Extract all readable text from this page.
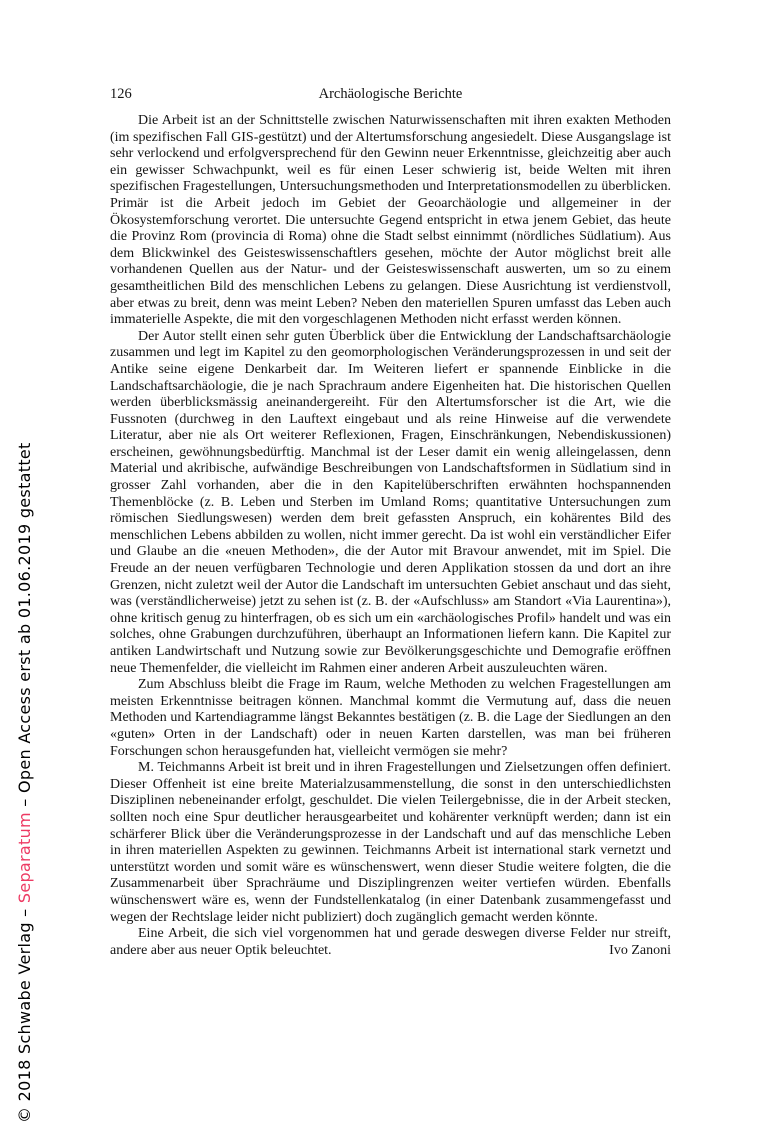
© 2018 Schwabe Verlag – Separatum – Open Access erst ab 01.06.2019 gestattet
126	Archäologische Berichte

Die Arbeit ist an der Schnittstelle zwischen Naturwissenschaften mit ihren exakten Methoden (im spezifischen Fall GIS-gestützt) und der Altertumsforschung angesiedelt. Diese Ausgangslage ist sehr verlockend und erfolgversprechend für den Gewinn neuer Erkenntnisse, gleichzeitig aber auch ein gewisser Schwachpunkt, weil es für einen Leser schwierig ist, beide Welten mit ihren spezifischen Fragestellungen, Untersuchungsmethoden und Interpretationsmodellen zu überblicken. Primär ist die Arbeit jedoch im Gebiet der Geoarchäologie und allgemeiner in der Ökosystemforschung verortet. Die untersuchte Gegend entspricht in etwa jenem Gebiet, das heute die Provinz Rom (provincia di Roma) ohne die Stadt selbst einnimmt (nördliches Südlatium). Aus dem Blickwinkel des Geisteswissenschaftlers gesehen, möchte der Autor möglichst breit alle vorhandenen Quellen aus der Natur- und der Geisteswissenschaft auswerten, um so zu einem gesamtheitlichen Bild des menschlichen Lebens zu gelangen. Diese Ausrichtung ist verdienstvoll, aber etwas zu breit, denn was meint Leben? Neben den materiellen Spuren umfasst das Leben auch immaterielle Aspekte, die mit den vorgeschlagenen Methoden nicht erfasst werden können.

Der Autor stellt einen sehr guten Überblick über die Entwicklung der Landschaftsarchäologie zusammen und legt im Kapitel zu den geomorphologischen Veränderungsprozessen in und seit der Antike seine eigene Denkarbeit dar. Im Weiteren liefert er spannende Einblicke in die Landschaftsarchäologie, die je nach Sprachraum andere Eigenheiten hat. Die historischen Quellen werden überblicksmässig aneinandergereiht. Für den Altertumsforscher ist die Art, wie die Fussnoten (durchweg in den Lauftext eingebaut und als reine Hinweise auf die verwendete Literatur, aber nie als Ort weiterer Reflexionen, Fragen, Einschränkungen, Nebendiskussionen) erscheinen, gewöhnungsbedürftig. Manchmal ist der Leser damit ein wenig alleingelassen, denn Material und akribische, aufwändige Beschreibungen von Landschaftsformen in Südlatium sind in grosser Zahl vorhanden, aber die in den Kapitelüberschriften erwähnten hochspannenden Themenblöcke (z. B. Leben und Sterben im Umland Roms; quantitative Untersuchungen zum römischen Siedlungswesen) werden dem breit gefassten Anspruch, ein kohärentes Bild des menschlichen Lebens abbilden zu wollen, nicht immer gerecht. Da ist wohl ein verständlicher Eifer und Glaube an die «neuen Methoden», die der Autor mit Bravour anwendet, mit im Spiel. Die Freude an der neuen verfügbaren Technologie und deren Applikation stossen da und dort an ihre Grenzen, nicht zuletzt weil der Autor die Landschaft im untersuchten Gebiet anschaut und das sieht, was (verständlicherweise) jetzt zu sehen ist (z. B. der «Aufschluss» am Standort «Via Laurentina»), ohne kritisch genug zu hinterfragen, ob es sich um ein «archäologisches Profil» handelt und was ein solches, ohne Grabungen durchzuführen, überhaupt an Informationen liefern kann. Die Kapitel zur antiken Landwirtschaft und Nutzung sowie zur Bevölkerungsgeschichte und Demografie eröffnen neue Themenfelder, die vielleicht im Rahmen einer anderen Arbeit auszuleuchten wären.

Zum Abschluss bleibt die Frage im Raum, welche Methoden zu welchen Fragestellungen am meisten Erkenntnisse beitragen können. Manchmal kommt die Vermutung auf, dass die neuen Methoden und Kartendiagramme längst Bekanntes bestätigen (z. B. die Lage der Siedlungen an den «guten» Orten in der Landschaft) oder in neuen Karten darstellen, was man bei früheren Forschungen schon herausgefunden hat, vielleicht vermögen sie mehr?

M. Teichmanns Arbeit ist breit und in ihren Fragestellungen und Zielsetzungen offen definiert. Dieser Offenheit ist eine breite Materialzusammenstellung, die sonst in den unterschiedlichsten Disziplinen nebeneinander erfolgt, geschuldet. Die vielen Teilergebnisse, die in der Arbeit stecken, sollten noch eine Spur deutlicher herausgearbeitet und kohärenter verknüpft werden; dann ist ein schärferer Blick über die Veränderungsprozesse in der Landschaft und auf das menschliche Leben in ihren materiellen Aspekten zu gewinnen. Teichmanns Arbeit ist international stark vernetzt und unterstützt worden und somit wäre es wünschenswert, wenn dieser Studie weitere folgten, die die Zusammenarbeit über Sprachräume und Disziplingrenzen weiter vertiefen würden. Ebenfalls wünschenswert wäre es, wenn der Fundstellenkatalog (in einer Datenbank zusammengefasst und wegen der Rechtslage leider nicht publiziert) doch zugänglich gemacht werden könnte.

Eine Arbeit, die sich viel vorgenommen hat und gerade deswegen diverse Felder nur streift, andere aber aus neuer Optik beleuchtet.	Ivo Zanoni
